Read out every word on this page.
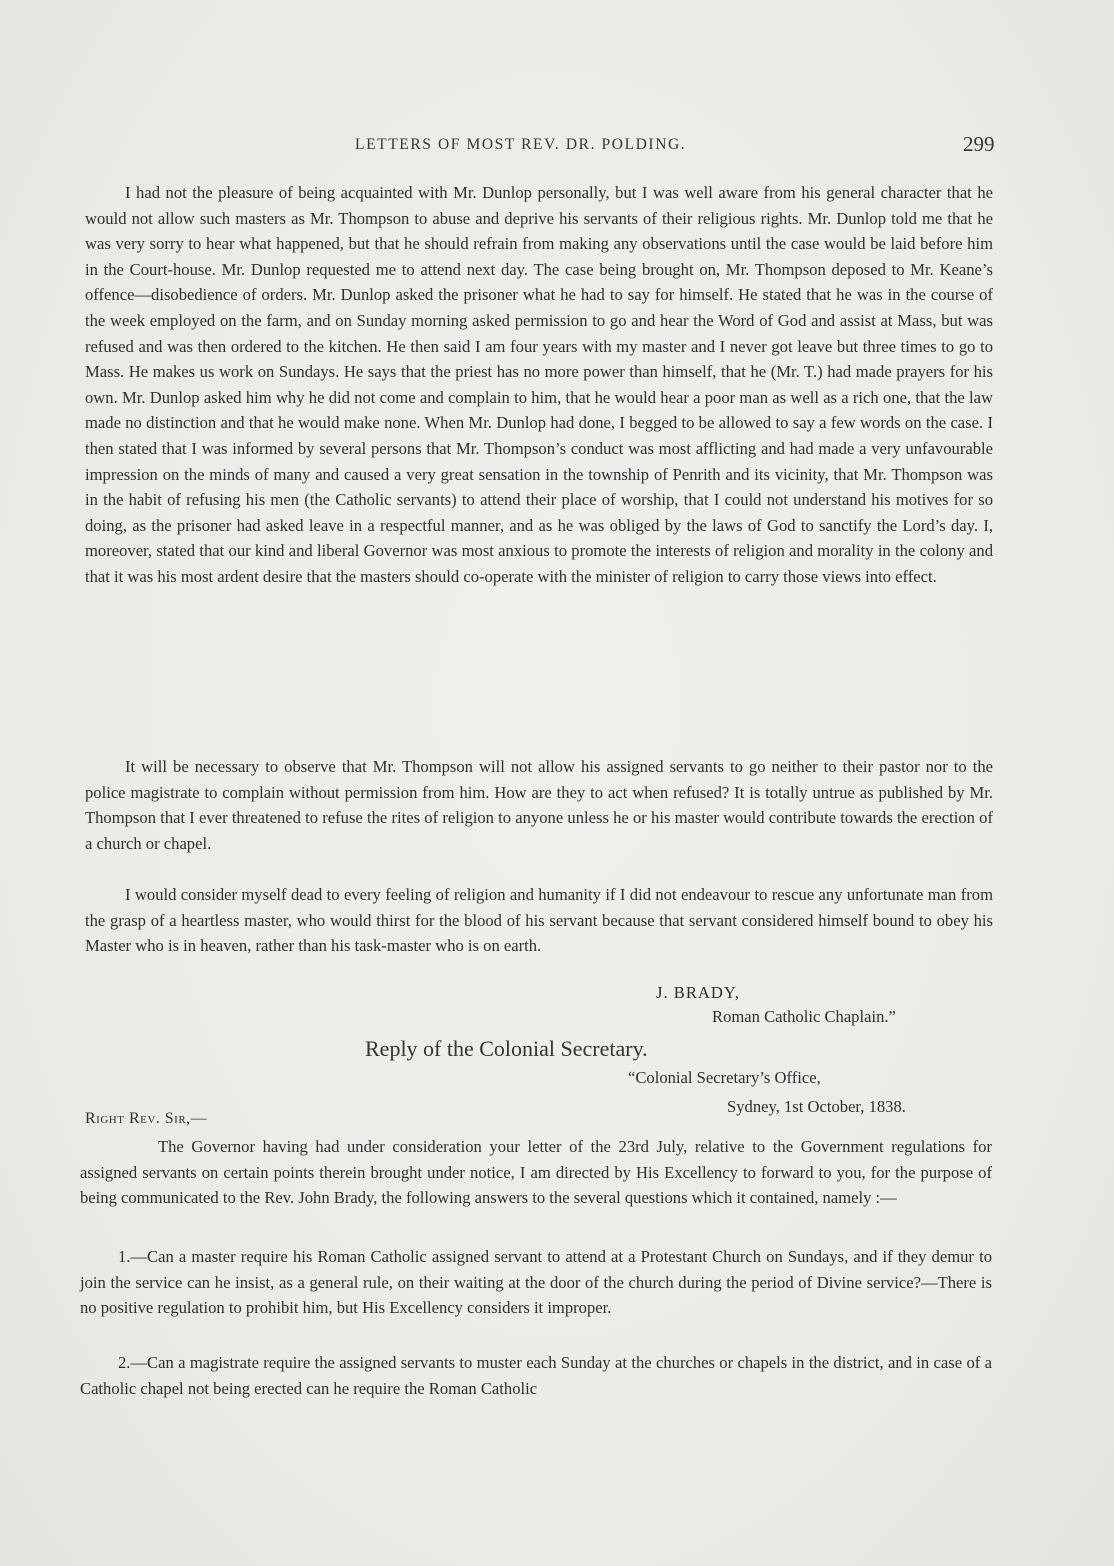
LETTERS OF MOST REV. DR. POLDING.	299

I had not the pleasure of being acquainted with Mr. Dunlop personally, but I was well aware from his general character that he would not allow such masters as Mr. Thompson to abuse and deprive his servants of their religious rights. Mr. Dunlop told me that he was very sorry to hear what happened, but that he should refrain from making any observations until the case would be laid before him in the Court-house. Mr. Dunlop requested me to attend next day. The case being brought on, Mr. Thompson deposed to Mr. Keane’s offence—disobedience of orders. Mr. Dunlop asked the prisoner what he had to say for himself. He stated that he was in the course of the week employed on the farm, and on Sunday morning asked permission to go and hear the Word of God and assist at Mass, but was refused and was then ordered to the kitchen. He then said I am four years with my master and I never got leave but three times to go to Mass. He makes us work on Sundays. He says that the priest has no more power than himself, that he (Mr. T.) had made prayers for his own. Mr. Dunlop asked him why he did not come and complain to him, that he would hear a poor man as well as a rich one, that the law made no distinction and that he would make none. When Mr. Dunlop had done, I begged to be allowed to say a few words on the case. I then stated that I was informed by several persons that Mr. Thompson’s conduct was most afflicting and had made a very unfavourable impression on the minds of many and caused a very great sensation in the township of Penrith and its vicinity, that Mr. Thompson was in the habit of refusing his men (the Catholic servants) to attend their place of worship, that I could not understand his motives for so doing, as the prisoner had asked leave in a respectful manner, and as he was obliged by the laws of God to sanctify the Lord’s day. I, moreover, stated that our kind and liberal Governor was most anxious to promote the interests of religion and morality in the colony and that it was his most ardent desire that the masters should co-operate with the minister of religion to carry those views into effect.

It will be necessary to observe that Mr. Thompson will not allow his assigned servants to go neither to their pastor nor to the police magistrate to complain without permission from him. How are they to act when refused? It is totally untrue as published by Mr. Thompson that I ever threatened to refuse the rites of religion to anyone unless he or his master would contribute towards the erection of a church or chapel.

I would consider myself dead to every feeling of religion and humanity if I did not endeavour to rescue any unfortunate man from the grasp of a heartless master, who would thirst for the blood of his servant because that servant considered himself bound to obey his Master who is in heaven, rather than his task-master who is on earth.

J. BRADY,
Roman Catholic Chaplain.”
Reply of the Colonial Secretary.
“Colonial Secretary’s Office,
Sydney, 1st October, 1838.
Right Rev. Sir,—

The Governor having had under consideration your letter of the 23rd July, relative to the Government regulations for assigned servants on certain points therein brought under notice, I am directed by His Excellency to forward to you, for the purpose of being communicated to the Rev. John Brady, the following answers to the several questions which it contained, namely :—

1.—Can a master require his Roman Catholic assigned servant to attend at a Protestant Church on Sundays, and if they demur to join the service can he insist, as a general rule, on their waiting at the door of the church during the period of Divine service?—There is no positive regulation to prohibit him, but His Excellency considers it improper.

2.—Can a magistrate require the assigned servants to muster each Sunday at the churches or chapels in the district, and in case of a Catholic chapel not being erected can he require the Roman Catholic
